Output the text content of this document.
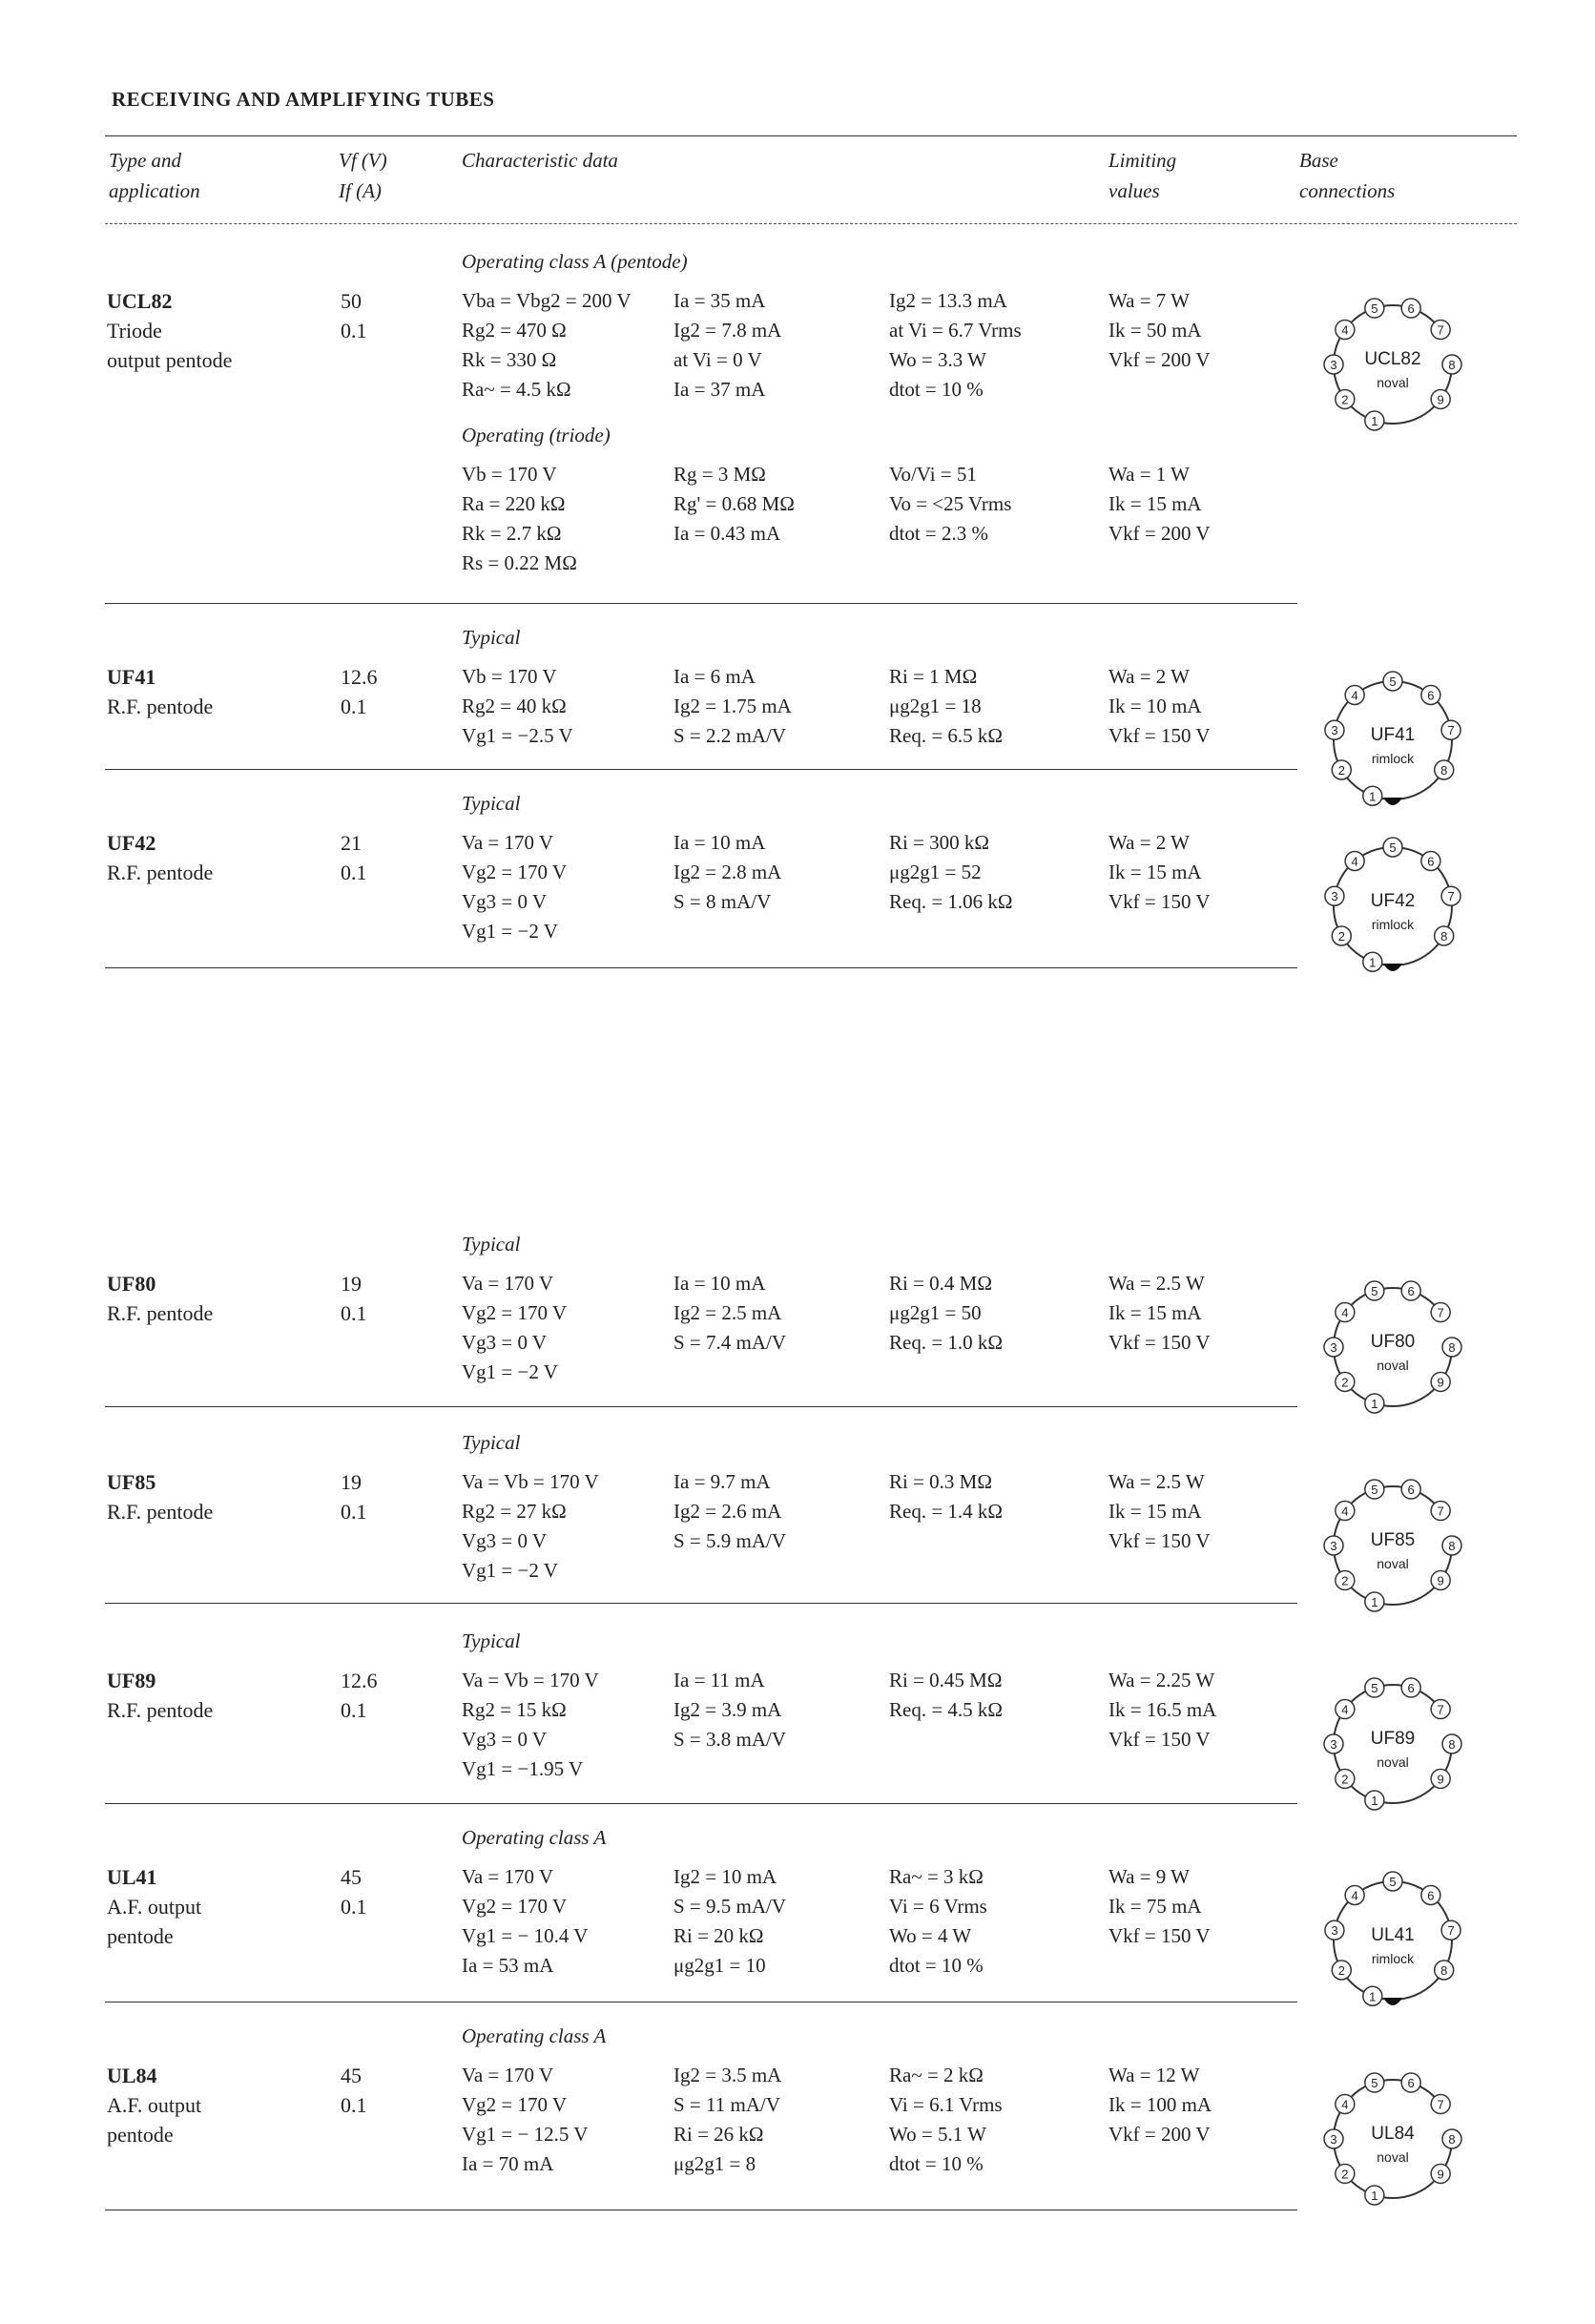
RECEIVING AND AMPLIFYING TUBES
Type and
application
Vf (V)
If (A)
Characteristic data	Limiting
values
Base
connections
Operating class A (pentode)
UCL82
Triode
output pentode
50
0.1
Vba = Vbg2 = 200 V
Rg2 = 470 Ω
Rk = 330 Ω
Ra~ = 4.5 kΩ
Ia = 35 mA
Ig2 = 7.8 mA
at Vi = 0 V
Ia = 37 mA
Ig2 = 13.3 mA
at Vi = 6.7 Vrms
Wo = 3.3 W
dtot = 10 %
Wa = 7 W
Ik = 50 mA
Vkf = 200 V
Operating (triode)
Vb = 170 V
Ra = 220 kΩ
Rk = 2.7 kΩ
Rs = 0.22 MΩ
Rg = 3 MΩ
Rg' = 0.68 MΩ
Ia = 0.43 mA
Vo/Vi = 51
Vo = <25 Vrms
dtot = 2.3 %
Wa = 1 W
Ik = 15 mA
Vkf = 200 V
1
2
3
4
5 6
7
8
9
UCL82
noval
Typical
UF41
R.F. pentode
12.6
0.1
Vb = 170 V
Rg2 = 40 kΩ
Vg1 = −2.5 V
Ia = 6 mA
Ig2 = 1.75 mA
S = 2.2 mA/V
Ri = 1 MΩ
μg2g1 = 18
Req. = 6.5 kΩ
Wa = 2 W
Ik = 10 mA
Vkf = 150 V
1
2
3
4
5
6
7
8
UF41
rimlock
Typical
UF42
R.F. pentode
21
0.1
Va = 170 V
Vg2 = 170 V
Vg3 = 0 V
Vg1 = −2 V
Ia = 10 mA
Ig2 = 2.8 mA
S = 8 mA/V
Ri = 300 kΩ
μg2g1 = 52
Req. = 1.06 kΩ
Wa = 2 W
Ik = 15 mA
Vkf = 150 V
1
2
3
4
5
6
7
8
UF42
rimlock
Typical
UF80
R.F. pentode
19
0.1
Va = 170 V
Vg2 = 170 V
Vg3 = 0 V
Vg1 = −2 V
Ia = 10 mA
Ig2 = 2.5 mA
S = 7.4 mA/V
Ri = 0.4 MΩ
μg2g1 = 50
Req. = 1.0 kΩ
Wa = 2.5 W
Ik = 15 mA
Vkf = 150 V
1
2
3
4
5 6
7
8
9
UF80
noval
Typical
UF85
R.F. pentode
19
0.1
Va = Vb = 170 V
Rg2 = 27 kΩ
Vg3 = 0 V
Vg1 = −2 V
Ia = 9.7 mA
Ig2 = 2.6 mA
S = 5.9 mA/V
Ri = 0.3 MΩ
Req. = 1.4 kΩ
Wa = 2.5 W
Ik = 15 mA
Vkf = 150 V
1
2
3
4
5 6
7
8
9
UF85
noval
Typical
UF89
R.F. pentode
12.6
0.1
Va = Vb = 170 V
Rg2 = 15 kΩ
Vg3 = 0 V
Vg1 = −1.95 V
Ia = 11 mA
Ig2 = 3.9 mA
S = 3.8 mA/V
Ri = 0.45 MΩ
Req. = 4.5 kΩ
Wa = 2.25 W
Ik = 16.5 mA
Vkf = 150 V
1
2
3
4
5 6
7
8
9
UF89
noval
Operating class A
UL41
A.F. output
pentode
45
0.1
Va = 170 V
Vg2 = 170 V
Vg1 = − 10.4 V
Ia = 53 mA
Ig2 = 10 mA
S = 9.5 mA/V
Ri = 20 kΩ
μg2g1 = 10
Ra~ = 3 kΩ
Vi = 6 Vrms
Wo = 4 W
dtot = 10 %
Wa = 9 W
Ik = 75 mA
Vkf = 150 V
1
2
3
4
5
6
7
8
UL41
rimlock
Operating class A
UL84
A.F. output
pentode
45
0.1
Va = 170 V
Vg2 = 170 V
Vg1 = − 12.5 V
Ia = 70 mA
Ig2 = 3.5 mA
S = 11 mA/V
Ri = 26 kΩ
μg2g1 = 8
Ra~ = 2 kΩ
Vi = 6.1 Vrms
Wo = 5.1 W
dtot = 10 %
Wa = 12 W
Ik = 100 mA
Vkf = 200 V
1
2
3
4
5 6
7
8
9
UL84
noval
